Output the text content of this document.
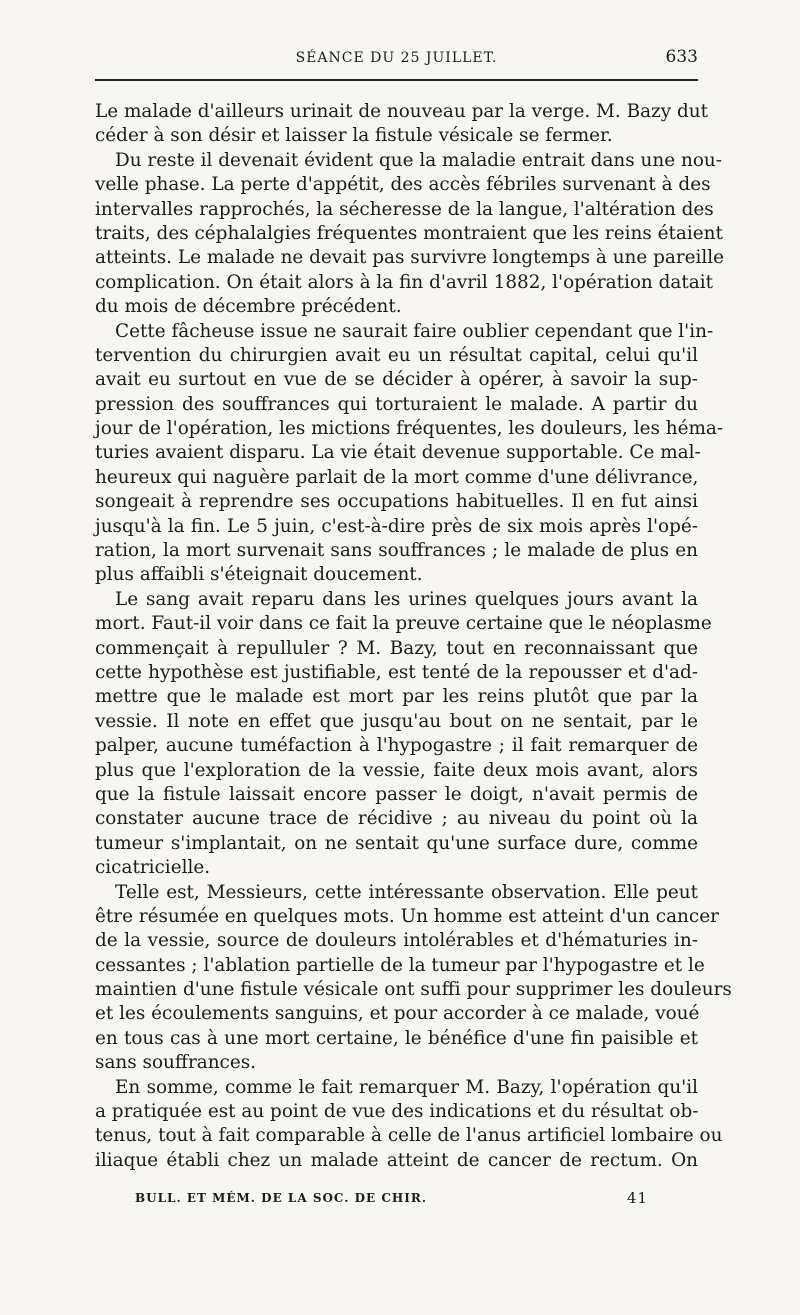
SÉANCE DU 25 JUILLET.	633
Le malade d'ailleurs urinait de nouveau par la verge. M. Bazy dut
céder à son désir et laisser la fistule vésicale se fermer.
Du reste il devenait évident que la maladie entrait dans une nou-
velle phase. La perte d'appétit, des accès fébriles survenant à des
intervalles rapprochés, la sécheresse de la langue, l'altération des
traits, des céphalalgies fréquentes montraient que les reins étaient
atteints. Le malade ne devait pas survivre longtemps à une pareille
complication. On était alors à la fin d'avril 1882, l'opération datait
du mois de décembre précédent.
Cette fâcheuse issue ne saurait faire oublier cependant que l'in-
tervention du chirurgien avait eu un résultat capital, celui qu'il
avait eu surtout en vue de se décider à opérer, à savoir la sup-
pression des souffrances qui torturaient le malade. A partir du
jour de l'opération, les mictions fréquentes, les douleurs, les héma-
turies avaient disparu. La vie était devenue supportable. Ce mal-
heureux qui naguère parlait de la mort comme d'une délivrance,
songeait à reprendre ses occupations habituelles. Il en fut ainsi
jusqu'à la fin. Le 5 juin, c'est-à-dire près de six mois après l'opé-
ration, la mort survenait sans souffrances ; le malade de plus en
plus affaibli s'éteignait doucement.
Le sang avait reparu dans les urines quelques jours avant la
mort. Faut-il voir dans ce fait la preuve certaine que le néoplasme
commençait à repulluler ? M. Bazy, tout en reconnaissant que
cette hypothèse est justifiable, est tenté de la repousser et d'ad-
mettre que le malade est mort par les reins plutôt que par la
vessie. Il note en effet que jusqu'au bout on ne sentait, par le
palper, aucune tuméfaction à l'hypogastre ; il fait remarquer de
plus que l'exploration de la vessie, faite deux mois avant, alors
que la fistule laissait encore passer le doigt, n'avait permis de
constater aucune trace de récidive ; au niveau du point où la
tumeur s'implantait, on ne sentait qu'une surface dure, comme
cicatricielle.
Telle est, Messieurs, cette intéressante observation. Elle peut
être résumée en quelques mots. Un homme est atteint d'un cancer
de la vessie, source de douleurs intolérables et d'hématuries in-
cessantes ; l'ablation partielle de la tumeur par l'hypogastre et le
maintien d'une fistule vésicale ont suffi pour supprimer les douleurs
et les écoulements sanguins, et pour accorder à ce malade, voué
en tous cas à une mort certaine, le bénéfice d'une fin paisible et
sans souffrances.
En somme, comme le fait remarquer M. Bazy, l'opération qu'il
a pratiquée est au point de vue des indications et du résultat ob-
tenus, tout à fait comparable à celle de l'anus artificiel lombaire ou
iliaque établi chez un malade atteint de cancer de rectum. On
BULL. ET MÉM. DE LA SOC. DE CHIR.	41
